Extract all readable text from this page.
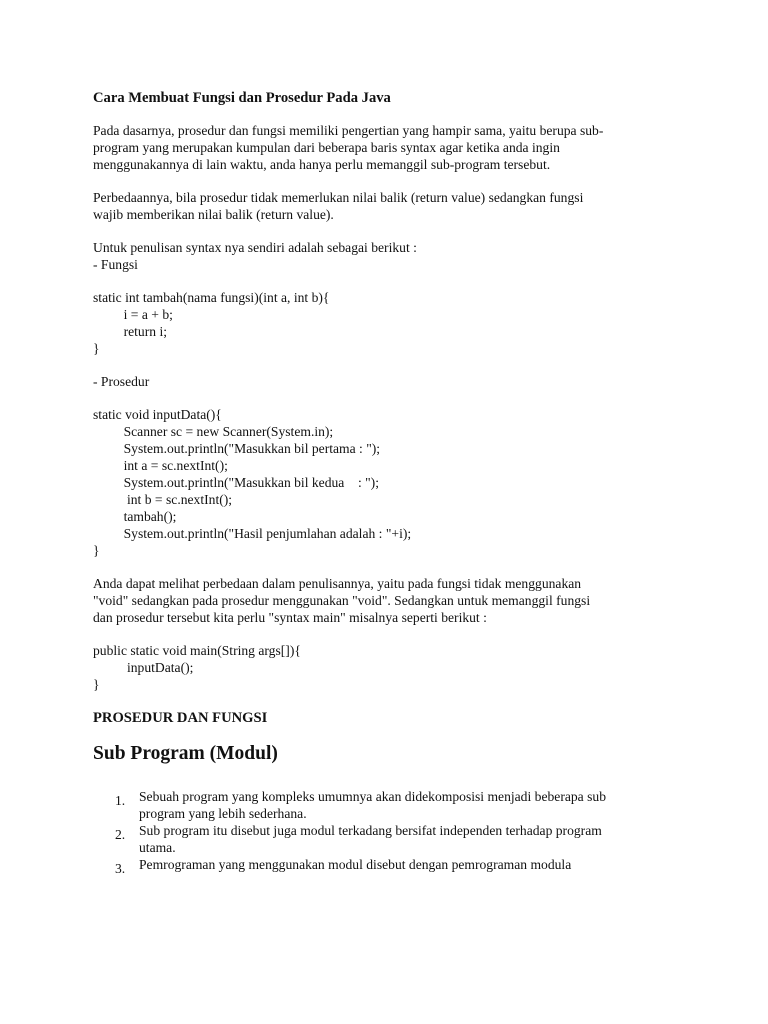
Cara Membuat Fungsi dan Prosedur Pada Java
Pada dasarnya, prosedur dan fungsi memiliki pengertian yang hampir sama, yaitu berupa sub-
program yang merupakan kumpulan dari beberapa baris syntax agar ketika anda ingin
menggunakannya di lain waktu, anda hanya perlu memanggil sub-program tersebut.
Perbedaannya, bila prosedur tidak memerlukan nilai balik (return value) sedangkan fungsi
wajib memberikan nilai balik (return value).
Untuk penulisan syntax nya sendiri adalah sebagai berikut :
- Fungsi
static int tambah(nama fungsi)(int a, int b){
i = a + b;
return i;
}
- Prosedur
static void inputData(){
Scanner sc = new Scanner(System.in);
System.out.println("Masukkan bil pertama : ");
int a = sc.nextInt();
System.out.println("Masukkan bil kedua    : ");
int b = sc.nextInt();
tambah();
System.out.println("Hasil penjumlahan adalah : "+i);
}
Anda dapat melihat perbedaan dalam penulisannya, yaitu pada fungsi tidak menggunakan
"void" sedangkan pada prosedur menggunakan "void". Sedangkan untuk memanggil fungsi
dan prosedur tersebut kita perlu "syntax main" misalnya seperti berikut :
public static void main(String args[]){
inputData();
}
PROSEDUR DAN FUNGSI
Sub Program (Modul)
1. Sebuah program yang kompleks umumnya akan didekomposisi menjadi beberapa sub
program yang lebih sederhana.
2. Sub program itu disebut juga modul terkadang bersifat independen terhadap program
utama.
3. Pemrograman yang menggunakan modul disebut dengan pemrograman modula
